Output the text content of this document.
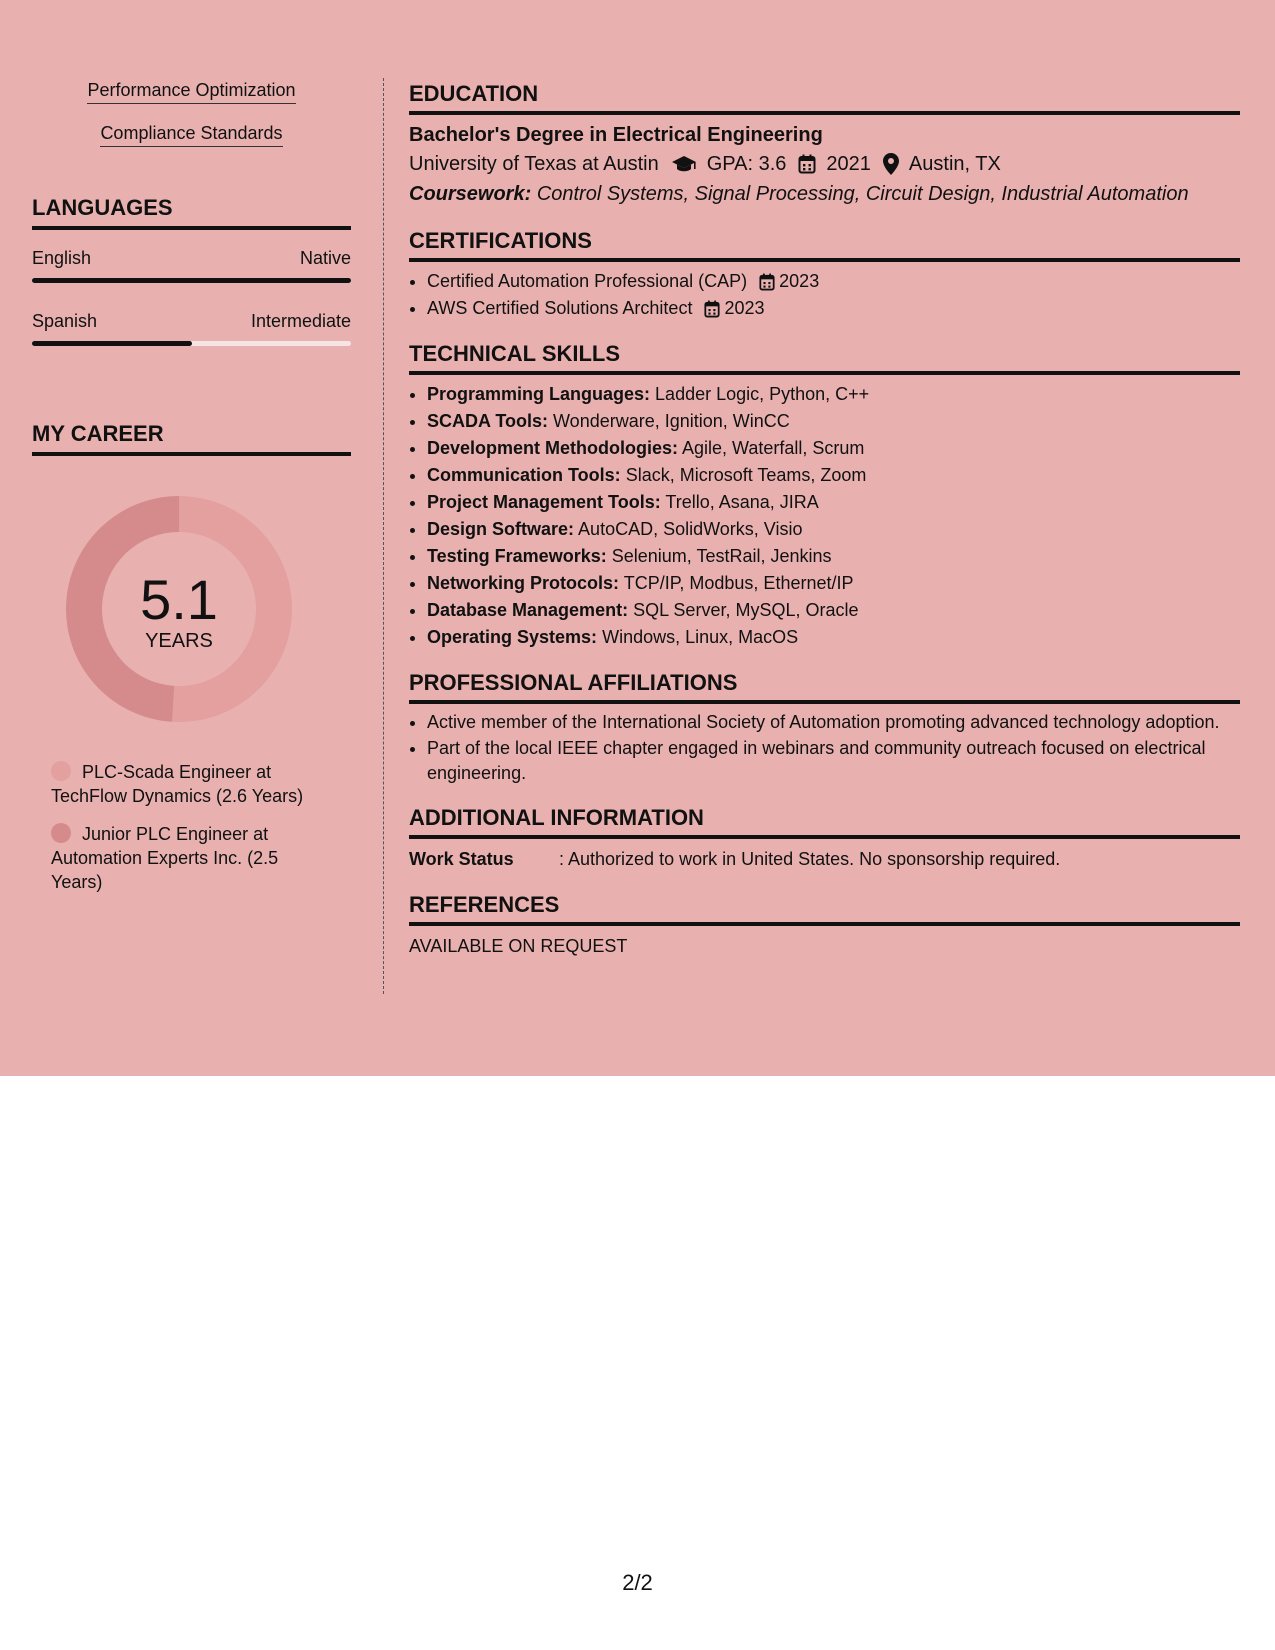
Performance Optimization
Compliance Standards
LANGUAGES
English	Native
Spanish	Intermediate
MY CAREER
5.1
YEARS
PLC-Scada Engineer at TechFlow Dynamics (2.6 Years)
Junior PLC Engineer at Automation Experts Inc. (2.5 Years)
EDUCATION
Bachelor's Degree in Electrical Engineering
University of Texas at Austin GPA: 3.6 2021 Austin, TX
Coursework: Control Systems, Signal Processing, Circuit Design, Industrial Automation
CERTIFICATIONS
• Certified Automation Professional (CAP) 2023
• AWS Certified Solutions Architect 2023
TECHNICAL SKILLS
• Programming Languages: Ladder Logic, Python, C++
• SCADA Tools: Wonderware, Ignition, WinCC
• Development Methodologies: Agile, Waterfall, Scrum
• Communication Tools: Slack, Microsoft Teams, Zoom
• Project Management Tools: Trello, Asana, JIRA
• Design Software: AutoCAD, SolidWorks, Visio
• Testing Frameworks: Selenium, TestRail, Jenkins
• Networking Protocols: TCP/IP, Modbus, Ethernet/IP
• Database Management: SQL Server, MySQL, Oracle
• Operating Systems: Windows, Linux, MacOS
PROFESSIONAL AFFILIATIONS
• Active member of the International Society of Automation promoting advanced technology adoption.
• Part of the local IEEE chapter engaged in webinars and community outreach focused on electrical engineering.
ADDITIONAL INFORMATION
Work Status	: Authorized to work in United States. No sponsorship required.
REFERENCES
AVAILABLE ON REQUEST
2/2
